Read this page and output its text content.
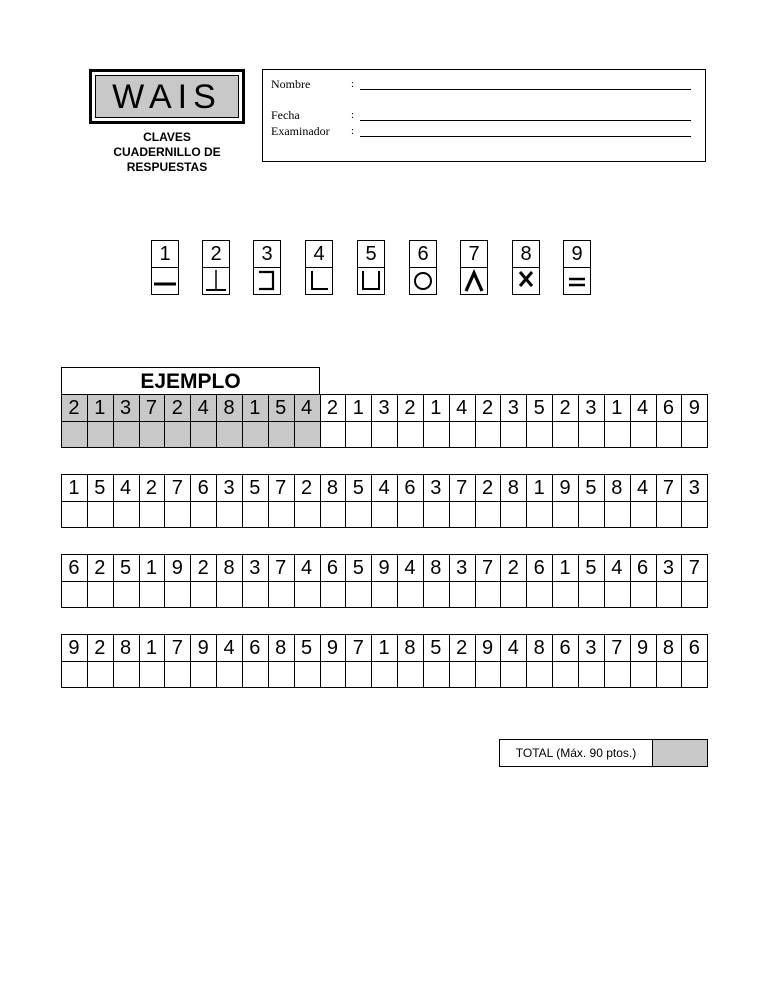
WAIS
CLAVES
CUADERNILLO DE
RESPUESTAS
Nombre	:
Fecha	:
Examinador :
1	2	3	4	5	6	7	8	9
EJEMPLO
2 1 3 7 2 4 8 1 5 4 2 1 3 2 1 4 2 3 5 2 3 1 4 6 9
1 5 4 2 7 6 3 5 7 2 8 5 4 6 3 7 2 8 1 9 5 8 4 7 3
6 2 5 1 9 2 8 3 7 4 6 5 9 4 8 3 7 2 6 1 5 4 6 3 7
9 2 8 1 7 9 4 6 8 5 9 7 1 8 5 2 9 4 8 6 3 7 9 8 6
TOTAL (Máx. 90 ptos.)
